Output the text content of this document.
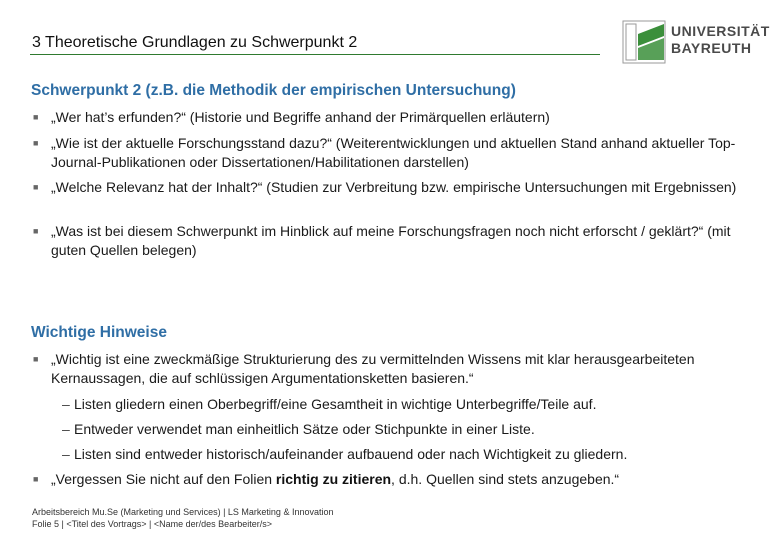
3 Theoretische Grundlagen zu Schwerpunkt 2
UNIVERSITÄT
BAYREUTH
Schwerpunkt 2 (z.B. die Methodik der empirischen Untersuchung)
■ „Wer hat’s erfunden?“ (Historie und Begriffe anhand der Primärquellen erläutern)
■ „Wie ist der aktuelle Forschungsstand dazu?“ (Weiterentwicklungen und aktuellen Stand anhand aktueller Top-Journal-Publikationen oder Dissertationen/Habilitationen darstellen)
■ „Welche Relevanz hat der Inhalt?“ (Studien zur Verbreitung bzw. empirische Untersuchungen mit Ergebnissen)
■ „Was ist bei diesem Schwerpunkt im Hinblick auf meine Forschungsfragen noch nicht erforscht / geklärt?“ (mit guten Quellen belegen)
Wichtige Hinweise
■ „Wichtig ist eine zweckmäßige Strukturierung des zu vermittelnden Wissens mit klar herausgearbeiteten Kernaussagen, die auf schlüssigen Argumentationsketten basieren.“
– Listen gliedern einen Oberbegriff/eine Gesamtheit in wichtige Unterbegriffe/Teile auf.
– Entweder verwendet man einheitlich Sätze oder Stichpunkte in einer Liste.
– Listen sind entweder historisch/aufeinander aufbauend oder nach Wichtigkeit zu gliedern.
■ „Vergessen Sie nicht auf den Folien richtig zu zitieren, d.h. Quellen sind stets anzugeben.“
Arbeitsbereich Mu.Se (Marketing und Services) | LS Marketing & Innovation
Folie 5 | <Titel des Vortrags> | <Name der/des Bearbeiter/s>
